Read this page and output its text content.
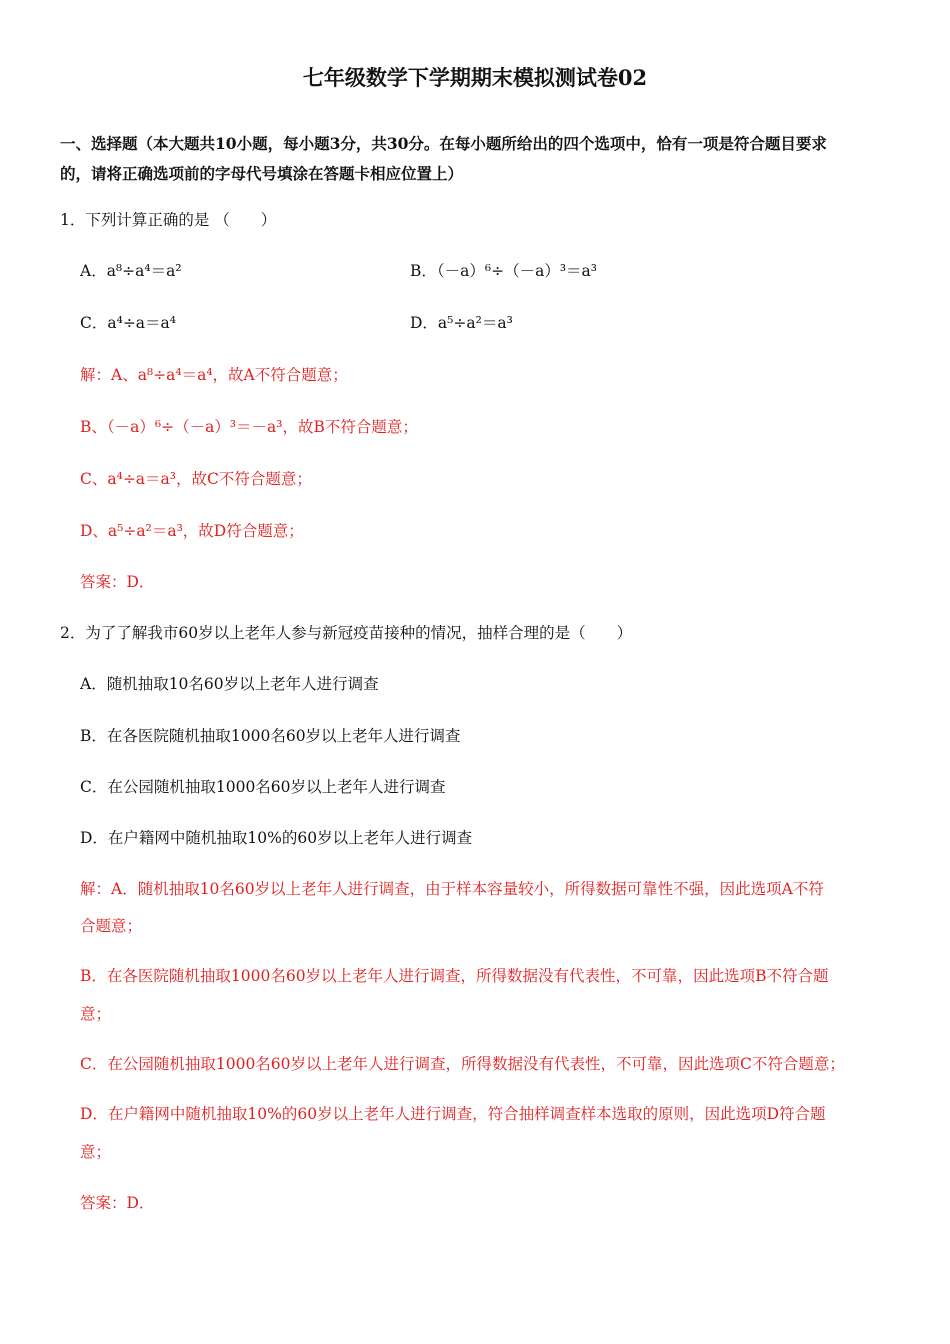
七年级数学下学期期末模拟测试卷02
一、选择题（本大题共10小题，每小题3分，共30分。在每小题所给出的四个选项中，恰有一项是符合题目要求
的，请将正确选项前的字母代号填涂在答题卡相应位置上）
1．下列计算正确的是 （　　）
A．a⁸÷a⁴＝a²	B．（－a）⁶÷（－a）³＝a³
C．a⁴÷a＝a⁴	D．a⁵÷a²＝a³
解：A、a⁸÷a⁴＝a⁴，故A不符合题意；
B、（－a）⁶÷（－a）³＝－a³，故B不符合题意；
C、a⁴÷a＝a³，故C不符合题意；
D、a⁵÷a²＝a³，故D符合题意；
答案：D．
2．为了了解我市60岁以上老年人参与新冠疫苗接种的情况，抽样合理的是（　　）
A．随机抽取10名60岁以上老年人进行调查
B．在各医院随机抽取1000名60岁以上老年人进行调查
C．在公园随机抽取1000名60岁以上老年人进行调查
D．在户籍网中随机抽取10%的60岁以上老年人进行调查
解：A．随机抽取10名60岁以上老年人进行调查，由于样本容量较小，所得数据可靠性不强，因此选项A不符
合题意；
B．在各医院随机抽取1000名60岁以上老年人进行调查，所得数据没有代表性，不可靠，因此选项B不符合题
意；
C．在公园随机抽取1000名60岁以上老年人进行调查，所得数据没有代表性，不可靠，因此选项C不符合题意；
D．在户籍网中随机抽取10%的60岁以上老年人进行调查，符合抽样调查样本选取的原则，因此选项D符合题
意；
答案：D．
